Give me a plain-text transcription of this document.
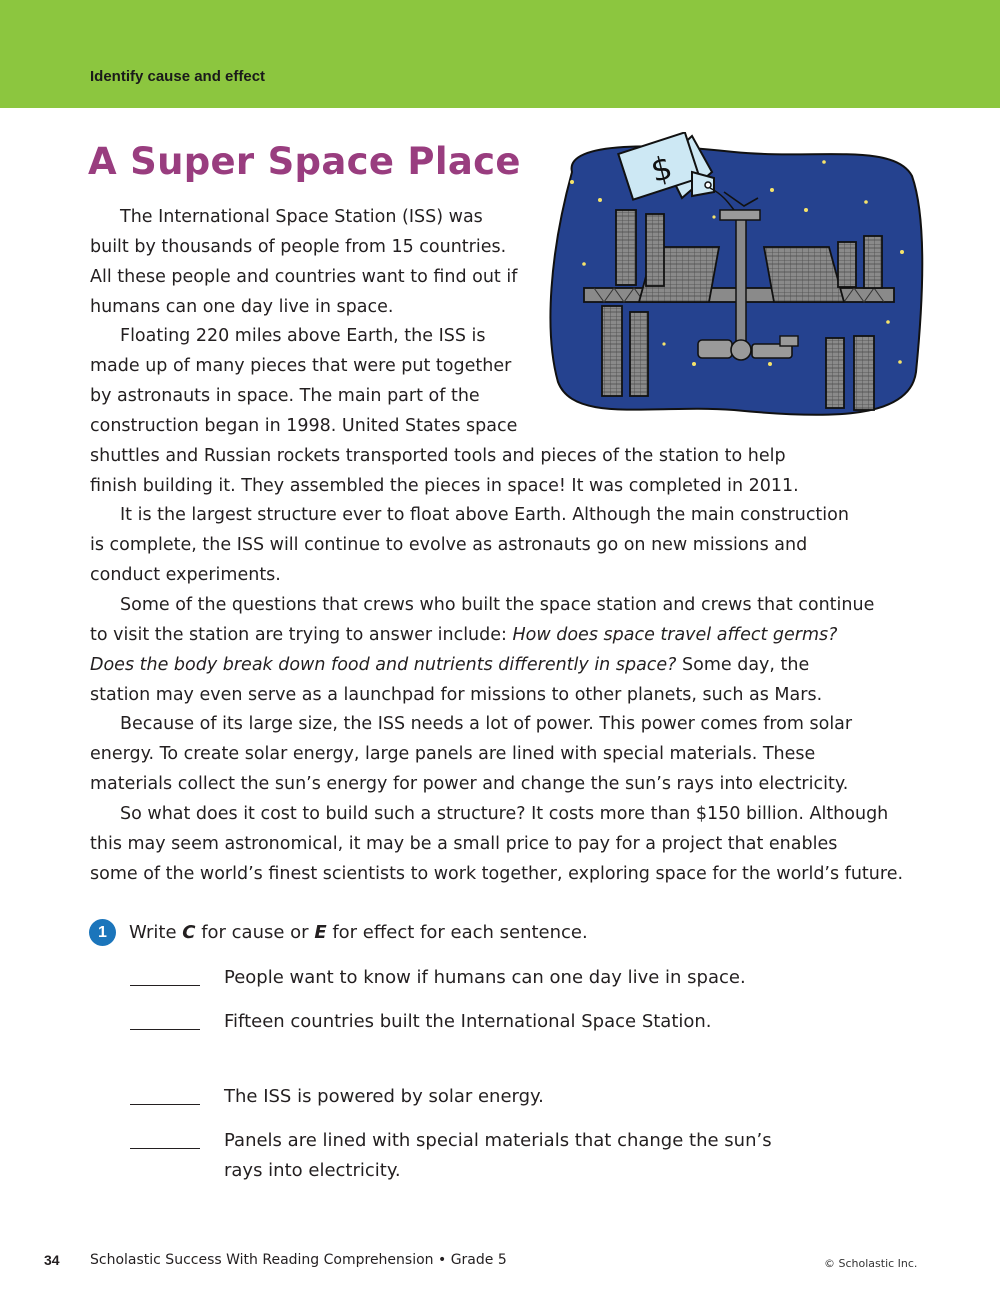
Identify cause and effect

A Super Space Place	$

The International Space Station (ISS) was
built by thousands of people from 15 countries.
All these people and countries want to find out if
humans can one day live in space.

Floating 220 miles above Earth, the ISS is
made up of many pieces that were put together
by astronauts in space. The main part of the
construction began in 1998. United States space
shuttles and Russian rockets transported tools and pieces of the station to help
finish building it. They assembled the pieces in space! It was completed in 2011.

It is the largest structure ever to float above Earth. Although the main construction
is complete, the ISS will continue to evolve as astronauts go on new missions and
conduct experiments.

Some of the questions that crews who built the space station and crews that continue
to visit the station are trying to answer include: How does space travel affect germs?
Does the body break down food and nutrients differently in space? Some day, the
station may even serve as a launchpad for missions to other planets, such as Mars.

Because of its large size, the ISS needs a lot of power. This power comes from solar
energy. To create solar energy, large panels are lined with special materials. These
materials collect the sun’s energy for power and change the sun’s rays into electricity.

So what does it cost to build such a structure? It costs more than $150 billion. Although
this may seem astronomical, it may be a small price to pay for a project that enables
some of the world’s finest scientists to work together, exploring space for the world’s future.

1	Write C for cause or E for effect for each sentence.

People want to know if humans can one day live in space.

Fifteen countries built the International Space Station.

The ISS is powered by solar energy.

Panels are lined with special materials that change the sun’s

rays into electricity.

34 Scholastic Success With Reading Comprehension • Grade 5	© Scholastic Inc.
